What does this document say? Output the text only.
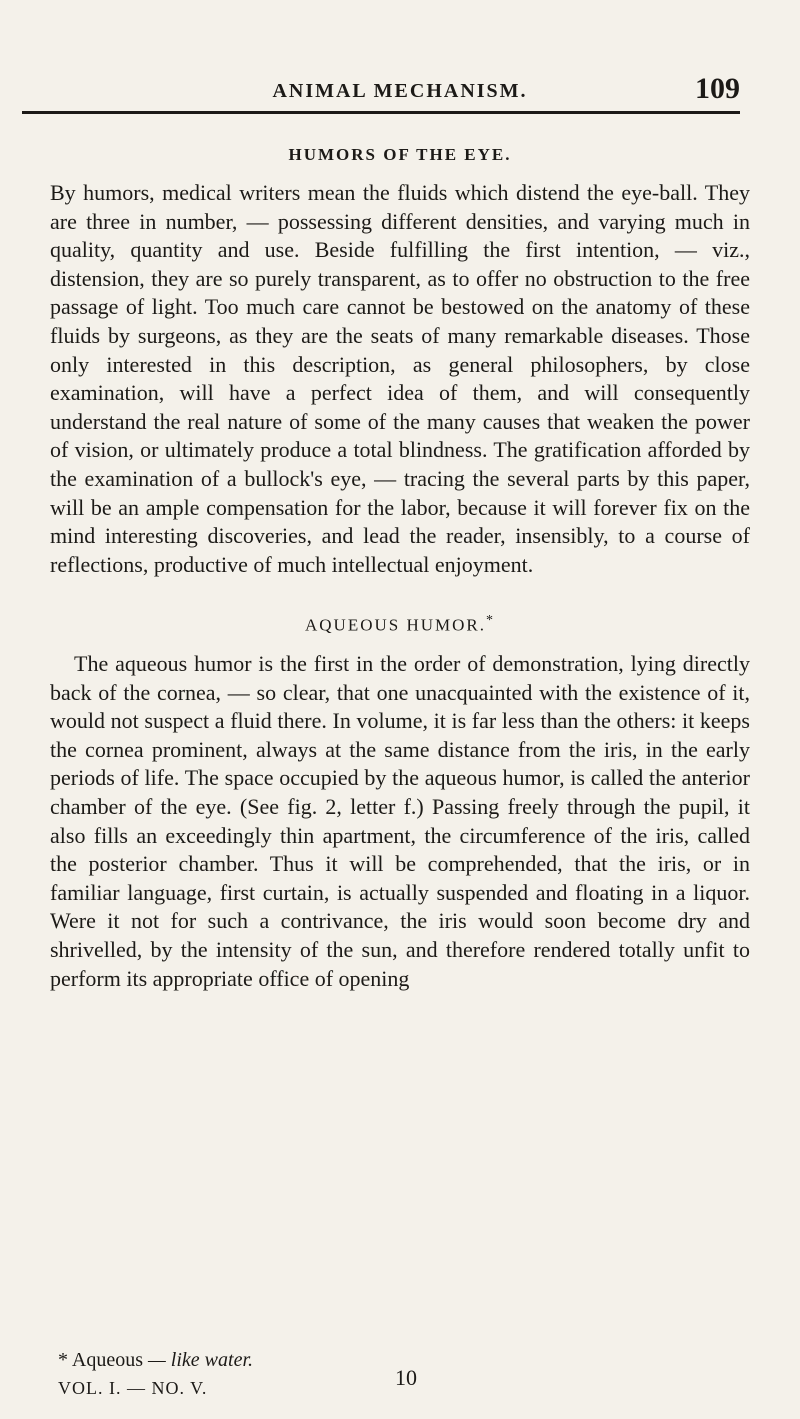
ANIMAL MECHANISM.	109
HUMORS OF THE EYE.

By humors, medical writers mean the fluids which distend the eye-ball. They are three in number, — possessing different densities, and varying much in quality, quantity and use. Beside fulfilling the first intention, — viz., distension, they are so purely transparent, as to offer no obstruction to the free passage of light. Too much care cannot be bestowed on the anatomy of these fluids by surgeons, as they are the seats of many remarkable diseases. Those only interested in this description, as general philosophers, by close examination, will have a perfect idea of them, and will consequently understand the real nature of some of the many causes that weaken the power of vision, or ultimately produce a total blindness. The gratification afforded by the examination of a bullock's eye, — tracing the several parts by this paper, will be an ample compensation for the labor, because it will forever fix on the mind interesting discoveries, and lead the reader, insensibly, to a course of reflections, productive of much intellectual enjoyment.

AQUEOUS HUMOR.*

The aqueous humor is the first in the order of demonstration, lying directly back of the cornea, — so clear, that one unacquainted with the existence of it, would not suspect a fluid there. In volume, it is far less than the others: it keeps the cornea prominent, always at the same distance from the iris, in the early periods of life. The space occupied by the aqueous humor, is called the anterior chamber of the eye. (See fig. 2, letter f.) Passing freely through the pupil, it also fills an exceedingly thin apartment, the circumference of the iris, called the posterior chamber. Thus it will be comprehended, that the iris, or in familiar language, first curtain, is actually suspended and floating in a liquor. Were it not for such a contrivance, the iris would soon become dry and shrivelled, by the intensity of the sun, and therefore rendered totally unfit to perform its appropriate office of opening

* Aqueous — like water.
VOL. I. — NO. V.	10
